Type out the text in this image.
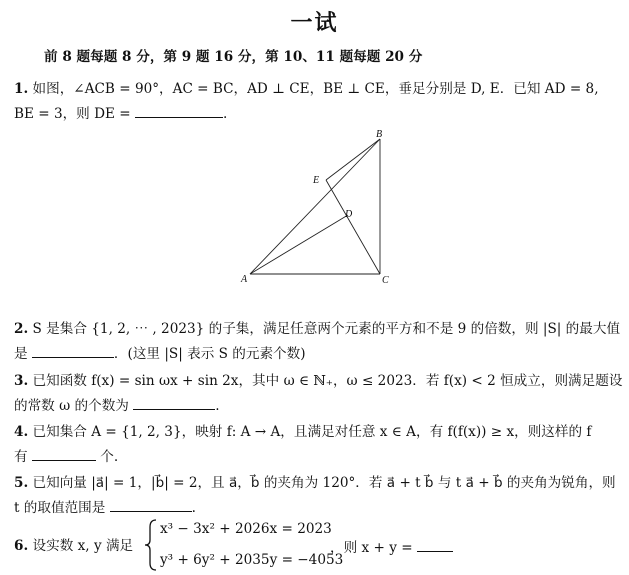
一试
前 8 题每题 8 分，第 9 题 16 分，第 10、11 题每题 20 分
1. 如图，∠ACB = 90°，AC = BC，AD ⊥ CE，BE ⊥ CE，垂足分别是 D, E．已知 AD = 8,
BE = 3，则 DE =	.
A
B
C
D
E
2. S 是集合 {1, 2, ⋯ , 2023} 的子集，满足任意两个元素的平方和不是 9 的倍数，则 |S| 的最大值
是	．(这里 |S| 表示 S 的元素个数)
3. 已知函数 f(x) = sin ωx + sin 2x，其中 ω ∈ ℕ₊，ω ≤ 2023．若 f(x) < 2 恒成立，则满足题设
的常数 ω 的个数为	.
4. 已知集合 A = {1, 2, 3}，映射 f: A → A，且满足对任意 x ∈ A，有 f(f(x)) ≥ x，则这样的 f
有	个.
5. 已知向量 |a⃗| = 1，|b⃗| = 2，且 a⃗，b⃗ 的夹角为 120°．若 a⃗ + t b⃗ 与 t a⃗ + b⃗ 的夹角为锐角，则
t 的取值范围是	.
6. 设实数 x, y 满足
x³ − 3x² + 2026x = 2023
y³ + 6y² + 2035y = −4053
，则 x + y =
